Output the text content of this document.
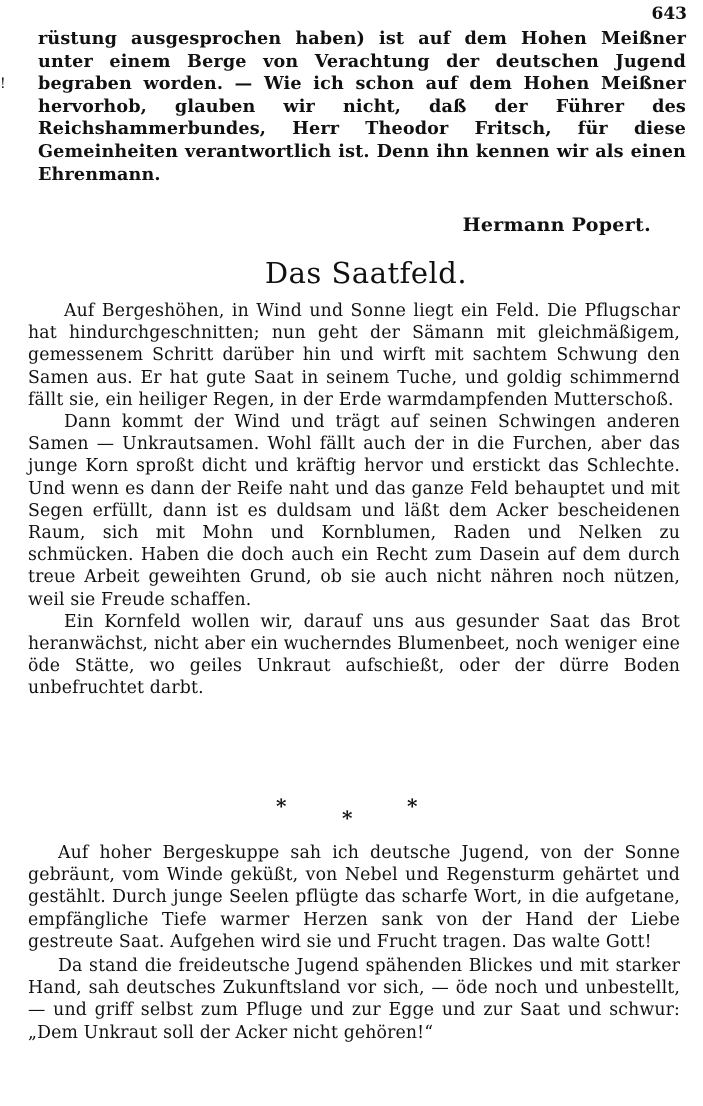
643
!

rüstung ausgesprochen haben) ist auf dem Hohen Meißner unter einem Berge von Verachtung der deutschen Jugend begraben worden. — Wie ich schon auf dem Hohen Meißner hervorhob, glauben wir nicht, daß der Führer des Reichshammerbundes, Herr Theodor Fritsch, für diese Gemeinheiten verantwortlich ist. Denn ihn kennen wir als einen Ehrenmann.

Hermann Popert.
Das Saatfeld.

Auf Bergeshöhen, in Wind und Sonne liegt ein Feld. Die Pflugschar hat hindurchgeschnitten; nun geht der Sämann mit gleichmäßigem, gemessenem Schritt darüber hin und wirft mit sachtem Schwung den Samen aus. Er hat gute Saat in seinem Tuche, und goldig schimmernd fällt sie, ein heiliger Regen, in der Erde warmdampfenden Mutterschoß.

Dann kommt der Wind und trägt auf seinen Schwingen anderen Samen — Unkrautsamen. Wohl fällt auch der in die Furchen, aber das junge Korn sproßt dicht und kräftig hervor und erstickt das Schlechte. Und wenn es dann der Reife naht und das ganze Feld behauptet und mit Segen erfüllt, dann ist es duldsam und läßt dem Acker bescheidenen Raum, sich mit Mohn und Kornblumen, Raden und Nelken zu schmücken. Haben die doch auch ein Recht zum Dasein auf dem durch treue Arbeit geweihten Grund, ob sie auch nicht nähren noch nützen, weil sie Freude schaffen.

Ein Kornfeld wollen wir, darauf uns aus gesunder Saat das Brot heranwächst, nicht aber ein wucherndes Blumenbeet, noch weniger eine öde Stätte, wo geiles Unkraut aufschießt, oder der dürre Boden unbefruchtet darbt.

*	*	*

Auf hoher Bergeskuppe sah ich deutsche Jugend, von der Sonne gebräunt, vom Winde geküßt, von Nebel und Regensturm gehärtet und gestählt. Durch junge Seelen pflügte das scharfe Wort, in die aufgetane, empfängliche Tiefe warmer Herzen sank von der Hand der Liebe gestreute Saat. Aufgehen wird sie und Frucht tragen. Das walte Gott!

Da stand die freideutsche Jugend spähenden Blickes und mit starker Hand, sah deutsches Zukunftsland vor sich, — öde noch und unbestellt, — und griff selbst zum Pfluge und zur Egge und zur Saat und schwur: „Dem Unkraut soll der Acker nicht gehören!“
